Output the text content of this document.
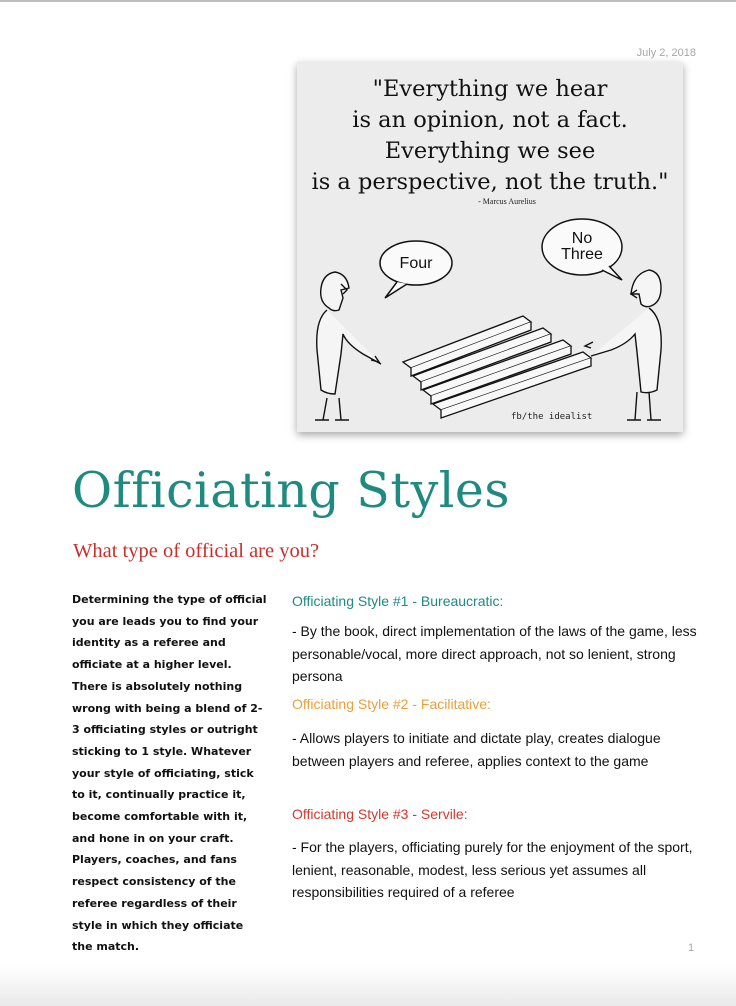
July 2, 2018
"Everything we hear
is an opinion, not a fact.
Everything we see
is a perspective, not the truth."
- Marcus Aurelius
Four
No
Three
fb/the idealist
Officiating Styles
What type of official are you?

Determining the type of official you are leads you to find your identity as a referee and officiate at a higher level. There is absolutely nothing wrong with being a blend of 2-3 officiating styles or outright sticking to 1 style. Whatever your style of officiating, stick to it, continually practice it, become comfortable with it, and hone in on your craft. Players, coaches, and fans respect consistency of the referee regardless of their style in which they officiate the match.

Officiating Style #1 - Bureaucratic:

- By the book, direct implementation of the laws of the game, less personable/vocal, more direct approach, not so lenient, strong persona

Officiating Style #2 - Facilitative:

- Allows players to initiate and dictate play, creates dialogue between players and referee, applies context to the game

Officiating Style #3 - Servile:

- For the players, officiating purely for the enjoyment of the sport, lenient, reasonable, modest, less serious yet assumes all responsibilities required of a referee

1
